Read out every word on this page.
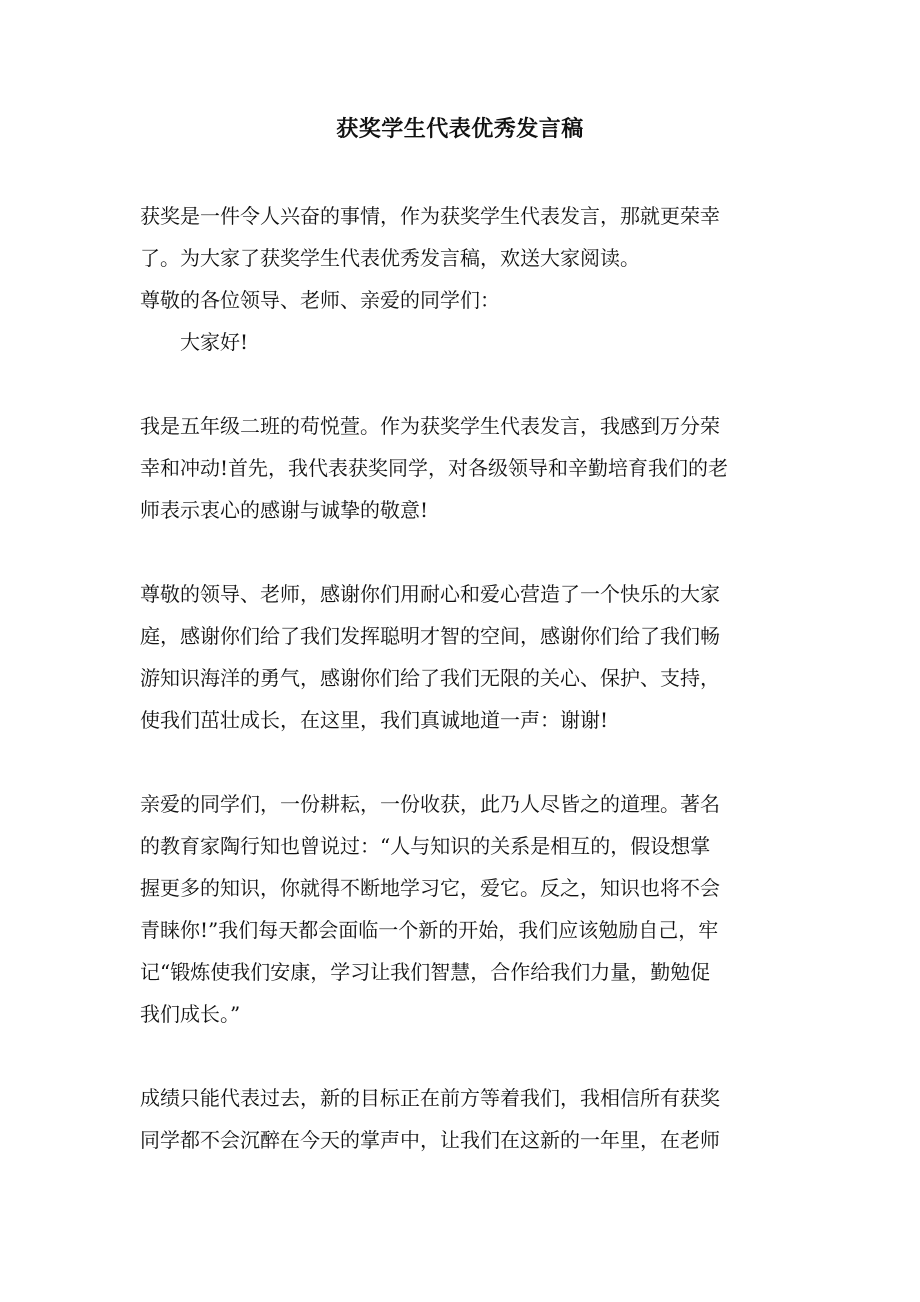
获奖学生代表优秀发言稿
获奖是一件令人兴奋的事情，作为获奖学生代表发言，那就更荣幸
了。为大家了获奖学生代表优秀发言稿，欢送大家阅读。
尊敬的各位领导、老师、亲爱的同学们：
大家好!
我是五年级二班的苟悦萱。作为获奖学生代表发言，我感到万分荣
幸和冲动!首先，我代表获奖同学，对各级领导和辛勤培育我们的老
师表示衷心的感谢与诚挚的敬意!
尊敬的领导、老师，感谢你们用耐心和爱心营造了一个快乐的大家
庭，感谢你们给了我们发挥聪明才智的空间，感谢你们给了我们畅
游知识海洋的勇气，感谢你们给了我们无限的关心、保护、支持，
使我们茁壮成长，在这里，我们真诚地道一声：谢谢!
亲爱的同学们，一份耕耘，一份收获，此乃人尽皆之的道理。著名
的教育家陶行知也曾说过：“人与知识的关系是相互的，假设想掌
握更多的知识，你就得不断地学习它，爱它。反之，知识也将不会
青睐你!”我们每天都会面临一个新的开始，我们应该勉励自己，牢
记“锻炼使我们安康，学习让我们智慧，合作给我们力量，勤勉促
我们成长。”
成绩只能代表过去，新的目标正在前方等着我们，我相信所有获奖
同学都不会沉醉在今天的掌声中，让我们在这新的一年里，在老师
